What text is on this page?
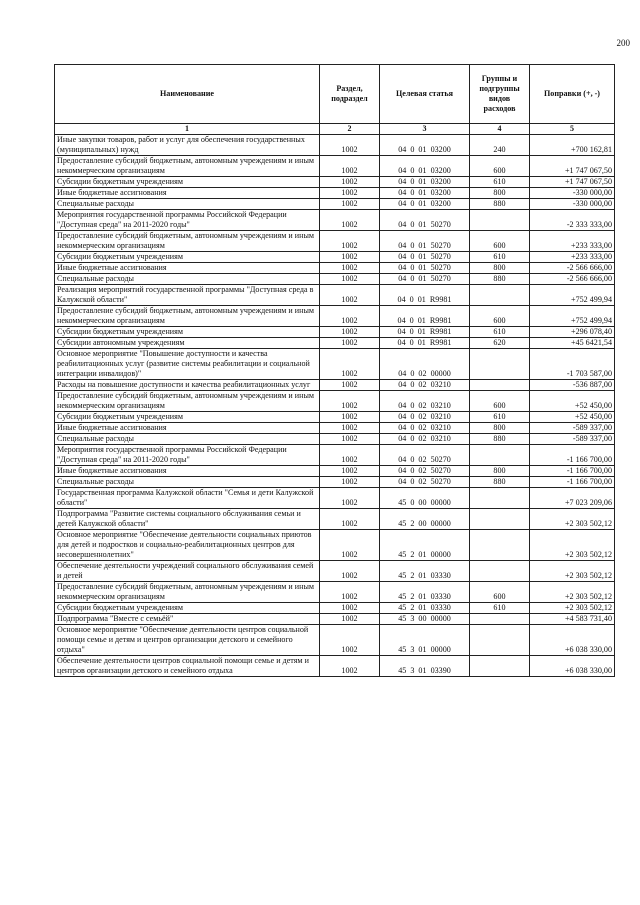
200
Наименование	Раздел, подраздел	Целевая статья	Группы и подгруппы видов расходов	Поправки (+, -)
1	2	3	4	5
Иные закупки товаров, работ и услуг для обеспечения государственных (муниципальных) нужд	1002	04  0  01  03200	240	+700 162,81
Предоставление субсидий бюджетным, автономным учреждениям и иным некоммерческим организациям	1002	04  0  01  03200	600	+1 747 067,50
Субсидии бюджетным учреждениям	1002	04  0  01  03200	610	+1 747 067,50
Иные бюджетные ассигнования	1002	04  0  01  03200	800	-330 000,00
Специальные расходы	1002	04  0  01  03200	880	-330 000,00
Мероприятия государственной программы Российской Федерации "Доступная среда" на 2011-2020 годы"	1002	04  0  01  50270		-2 333 333,00
Предоставление субсидий бюджетным, автономным учреждениям и иным некоммерческим организациям	1002	04  0  01  50270	600	+233 333,00
Субсидии бюджетным учреждениям	1002	04  0  01  50270	610	+233 333,00
Иные бюджетные ассигнования	1002	04  0  01  50270	800	-2 566 666,00
Специальные расходы	1002	04  0  01  50270	880	-2 566 666,00
Реализация мероприятий государственной программы "Доступная среда в Калужской области"	1002	04  0  01  R9981		+752 499,94
Предоставление субсидий бюджетным, автономным учреждениям и иным некоммерческим организациям	1002	04  0  01  R9981	600	+752 499,94
Субсидии бюджетным учреждениям	1002	04  0  01  R9981	610	+296 078,40
Субсидии автономным учреждениям	1002	04  0  01  R9981	620	+45 6421,54
Основное мероприятие "Повышение доступности и качества реабилитационных услуг (развитие системы реабилитации и социальной интеграции инвалидов)"	1002	04  0  02  00000		-1 703 587,00
Расходы на повышение доступности и качества реабилитационных услуг	1002	04  0  02  03210		-536 887,00
Предоставление субсидий бюджетным, автономным учреждениям и иным некоммерческим организациям	1002	04  0  02  03210	600	+52 450,00
Субсидии бюджетным учреждениям	1002	04  0  02  03210	610	+52 450,00
Иные бюджетные ассигнования	1002	04  0  02  03210	800	-589 337,00
Специальные расходы	1002	04  0  02  03210	880	-589 337,00
Мероприятия государственной программы Российской Федерации "Доступная среда" на 2011-2020 годы"	1002	04  0  02  50270		-1 166 700,00
Иные бюджетные ассигнования	1002	04  0  02  50270	800	-1 166 700,00
Специальные расходы	1002	04  0  02  50270	880	-1 166 700,00
Государственная программа Калужской области "Семья и дети Калужской области"	1002	45  0  00  00000		+7 023 209,06
Подпрограмма "Развитие системы социального обслуживания семьи и детей Калужской области"	1002	45  2  00  00000		+2 303 502,12
Основное мероприятие "Обеспечение деятельности социальных приютов для детей и подростков и социально-реабилитационных центров для несовершеннолетних"	1002	45  2  01  00000		+2 303 502,12
Обеспечение деятельности учреждений социального обслуживания семей и детей	1002	45  2  01  03330		+2 303 502,12
Предоставление субсидий бюджетным, автономным учреждениям и иным некоммерческим организациям	1002	45  2  01  03330	600	+2 303 502,12
Субсидии бюджетным учреждениям	1002	45  2  01  03330	610	+2 303 502,12
Подпрограмма "Вместе с семьёй"	1002	45  3  00  00000		+4 583 731,40
Основное мероприятие "Обеспечение деятельности центров социальной помощи семье и детям и центров организации детского и семейного отдыха"	1002	45  3  01  00000		+6 038 330,00
Обеспечение деятельности центров социальной помощи семье и детям и центров организации детского и семейного отдыха	1002	45  3  01  03390		+6 038 330,00
